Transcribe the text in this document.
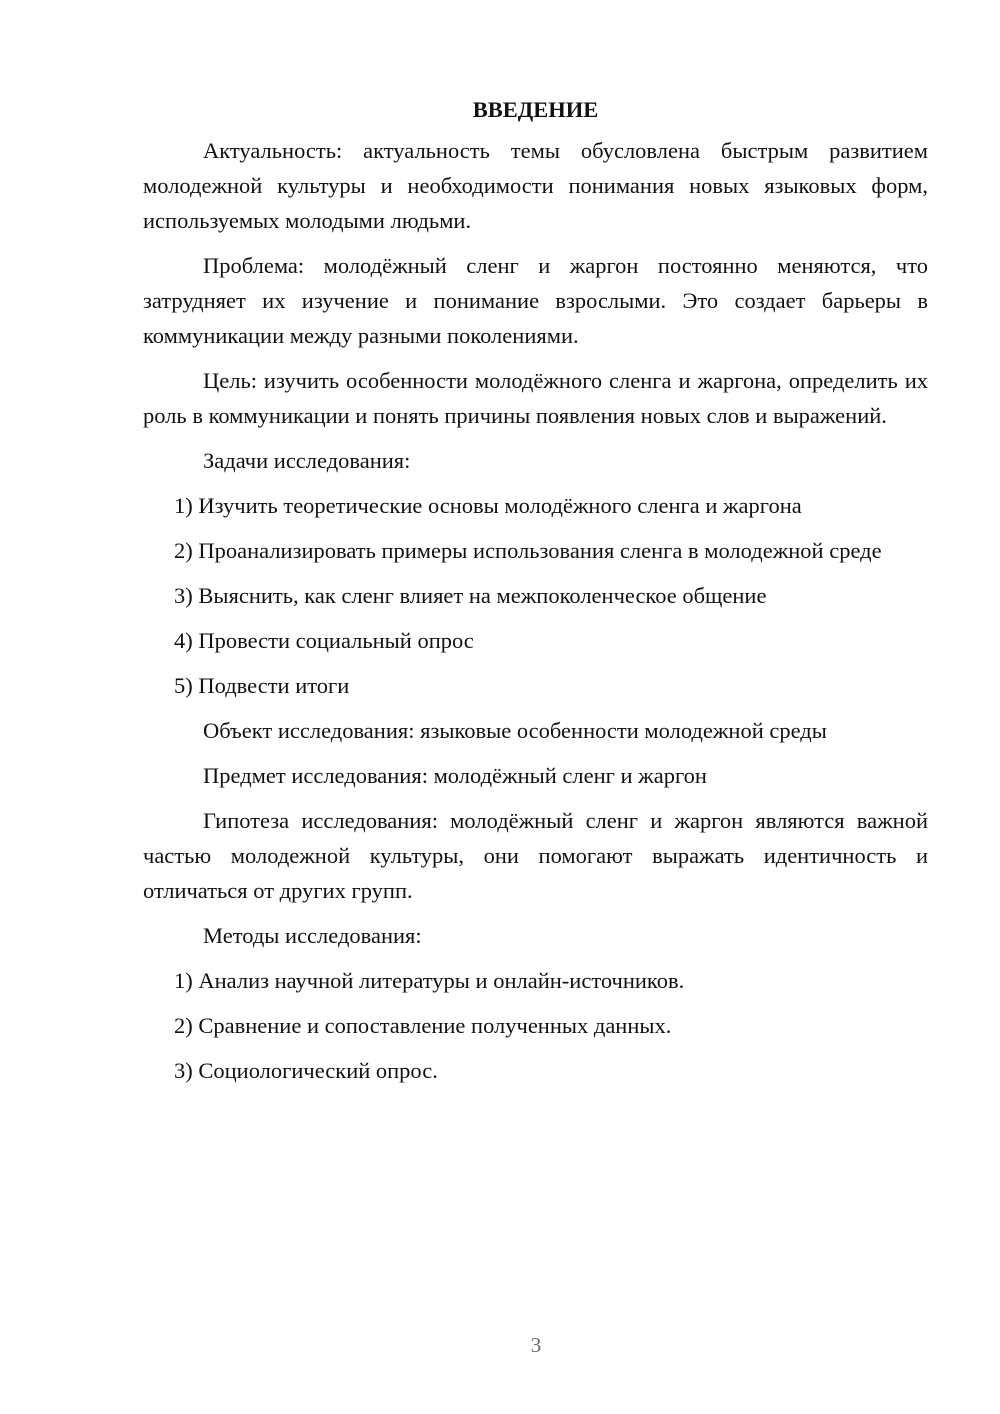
ВВЕДЕНИЕ

Актуальность: актуальность темы обусловлена быстрым развитием молодежной культуры и необходимости понимания новых языковых форм, используемых молодыми людьми.

Проблема: молодёжный сленг и жаргон постоянно меняются, что затрудняет их изучение и понимание взрослыми. Это создает барьеры в коммуникации между разными поколениями.

Цель: изучить особенности молодёжного сленга и жаргона, определить их роль в коммуникации и понять причины появления новых слов и выражений.

Задачи исследования:

1) Изучить теоретические основы молодёжного сленга и жаргона

2) Проанализировать примеры использования сленга в молодежной среде

3) Выяснить, как сленг влияет на межпоколенческое общение

4) Провести социальный опрос

5) Подвести итоги

Объект исследования: языковые особенности молодежной среды

Предмет исследования: молодёжный сленг и жаргон

Гипотеза исследования: молодёжный сленг и жаргон являются важной частью молодежной культуры, они помогают выражать идентичность и отличаться от других групп.

Методы исследования:

1) Анализ научной литературы и онлайн-источников.

2) Сравнение и сопоставление полученных данных.

3) Социологический опрос.

3
